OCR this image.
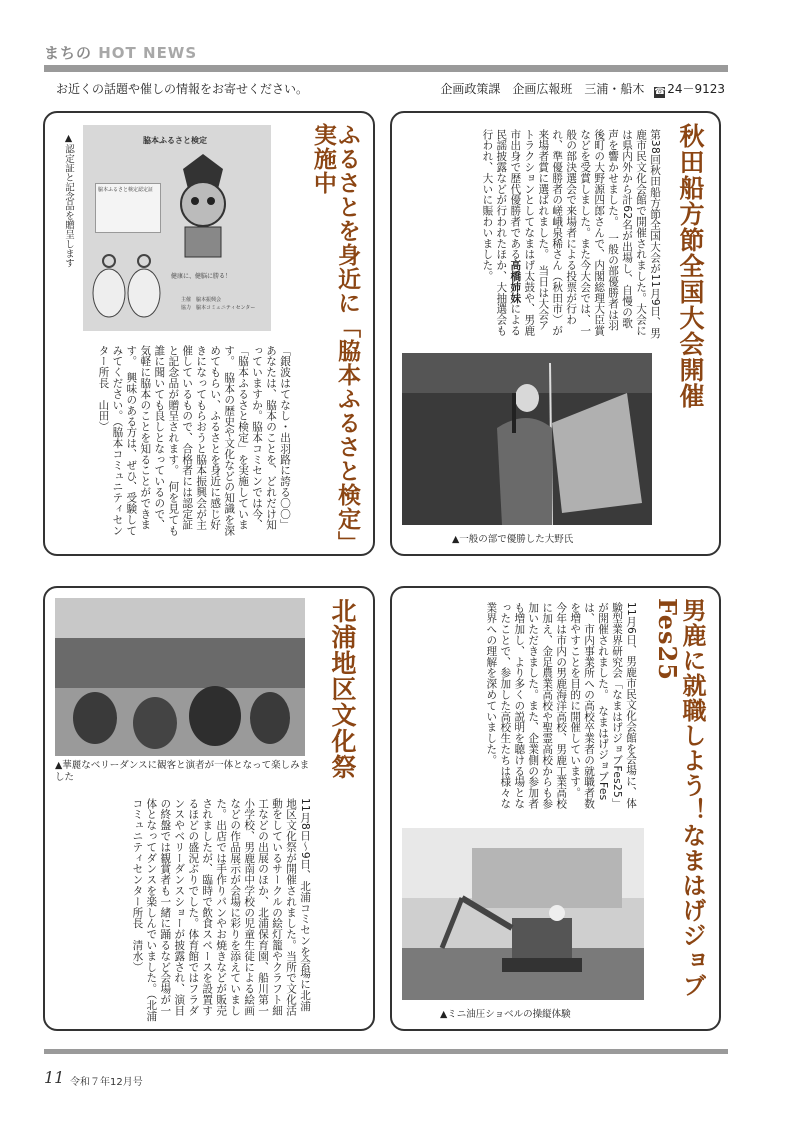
まちの HOT NEWS
お近くの話題や催しの情報をお寄せください。	企画政策課　企画広報班　三浦・船木 ☎ 24－9123
秋田船方節全国大会開催
第38回秋田船方節全国大会が11月9日、男鹿市民文化会館で開催されました。大会には県内外から計62名が出場し、自慢の歌声を響かせました。　一般の部優勝者は羽後町の大野源四郎さんで、内閣総理大臣賞などを受賞しました。また今大会では、一般の部決選会で来場者による投票が行われ、準優勝者の嵯峨泉稀さん（秋田市）が来場者賞に選ばれました。　当日は大会アトラクションとしてなまはげ太鼓や、男鹿市出身で歴代優勝者である高橋姉妹による民謡披露などが行われたほか、大抽選会も行われ、大いに賑わいました。
▲一般の部で優勝した大野氏
ふるさとを身近に「脇本ふるさと検定」実施中
「銀波はてなし・出羽路に誇る〇〇」あなたは、脇本のことを、どれだけ知っていますか。脇本コミセンでは今、「脇本ふるさと検定」を実施しています。　脇本の歴史や文化などの知識を深めてもらい、ふるさとを身近に感じ好きになってもらおうと脇本振興会が主催しているもので、合格者には認定証と記念品が贈呈されます。　何を見ても誰に聞いても良しとなっているので、気軽に脇本のことを知ることができます。　興味のある方は、ぜひ、受験してみてください。（脇本コミュニティセンター所長　山田）
脇本ふるさと検定
脇本ふるさと検定認定証
健康に、健脳に勝る！
主催　脇本振興会
協力　脇本コミュニティセンター
▲認定証と記念品を贈呈します
北浦地区文化祭
▲華麗なベリーダンスに観客と演者が一体となって楽しみました
11月8日～9日、北浦コミセンを会場に北浦地区文化祭が開催されました。当所で文化活動をしているサークルの絵灯籠やクラフト細工などの出展のほか、北浦保育園、船川第一小学校、男鹿南中学校の児童生徒による絵画などの作品展示が会場に彩りを添えていました。出店では手作りパンやお焼きなどが販売されましたが、臨時で飲食スペースを設置するほどの盛況ぶりでした。体育館ではフラダンスやベリーダンスショーが披露され、演目の終盤では観賞者も一緒に踊るなど会場が一体となってダンスを楽しんでいました。（北浦コミュニティセンター所長　清水）	男鹿に就職しよう！なまはげジョブFes25
11月6日、男鹿市民文化会館を会場に、体験型業界研究会「なまはげジョブFes25」が開催されました。　なまはげジョブFesは、市内事業所への高校卒業者の就職者数を増やすことを目的に開催しています。　今年は市内の男鹿海洋高校、男鹿工業高校に加え、金足農業高校や聖霊高校からも参加いただきました。また、企業側の参加者も増加し、より多くの説明を聴ける場となったことで、参加した高校生たちは様々な業界への理解を深めていました。
▲ミニ油圧ショベルの操縦体験
11 令和７年12月号
